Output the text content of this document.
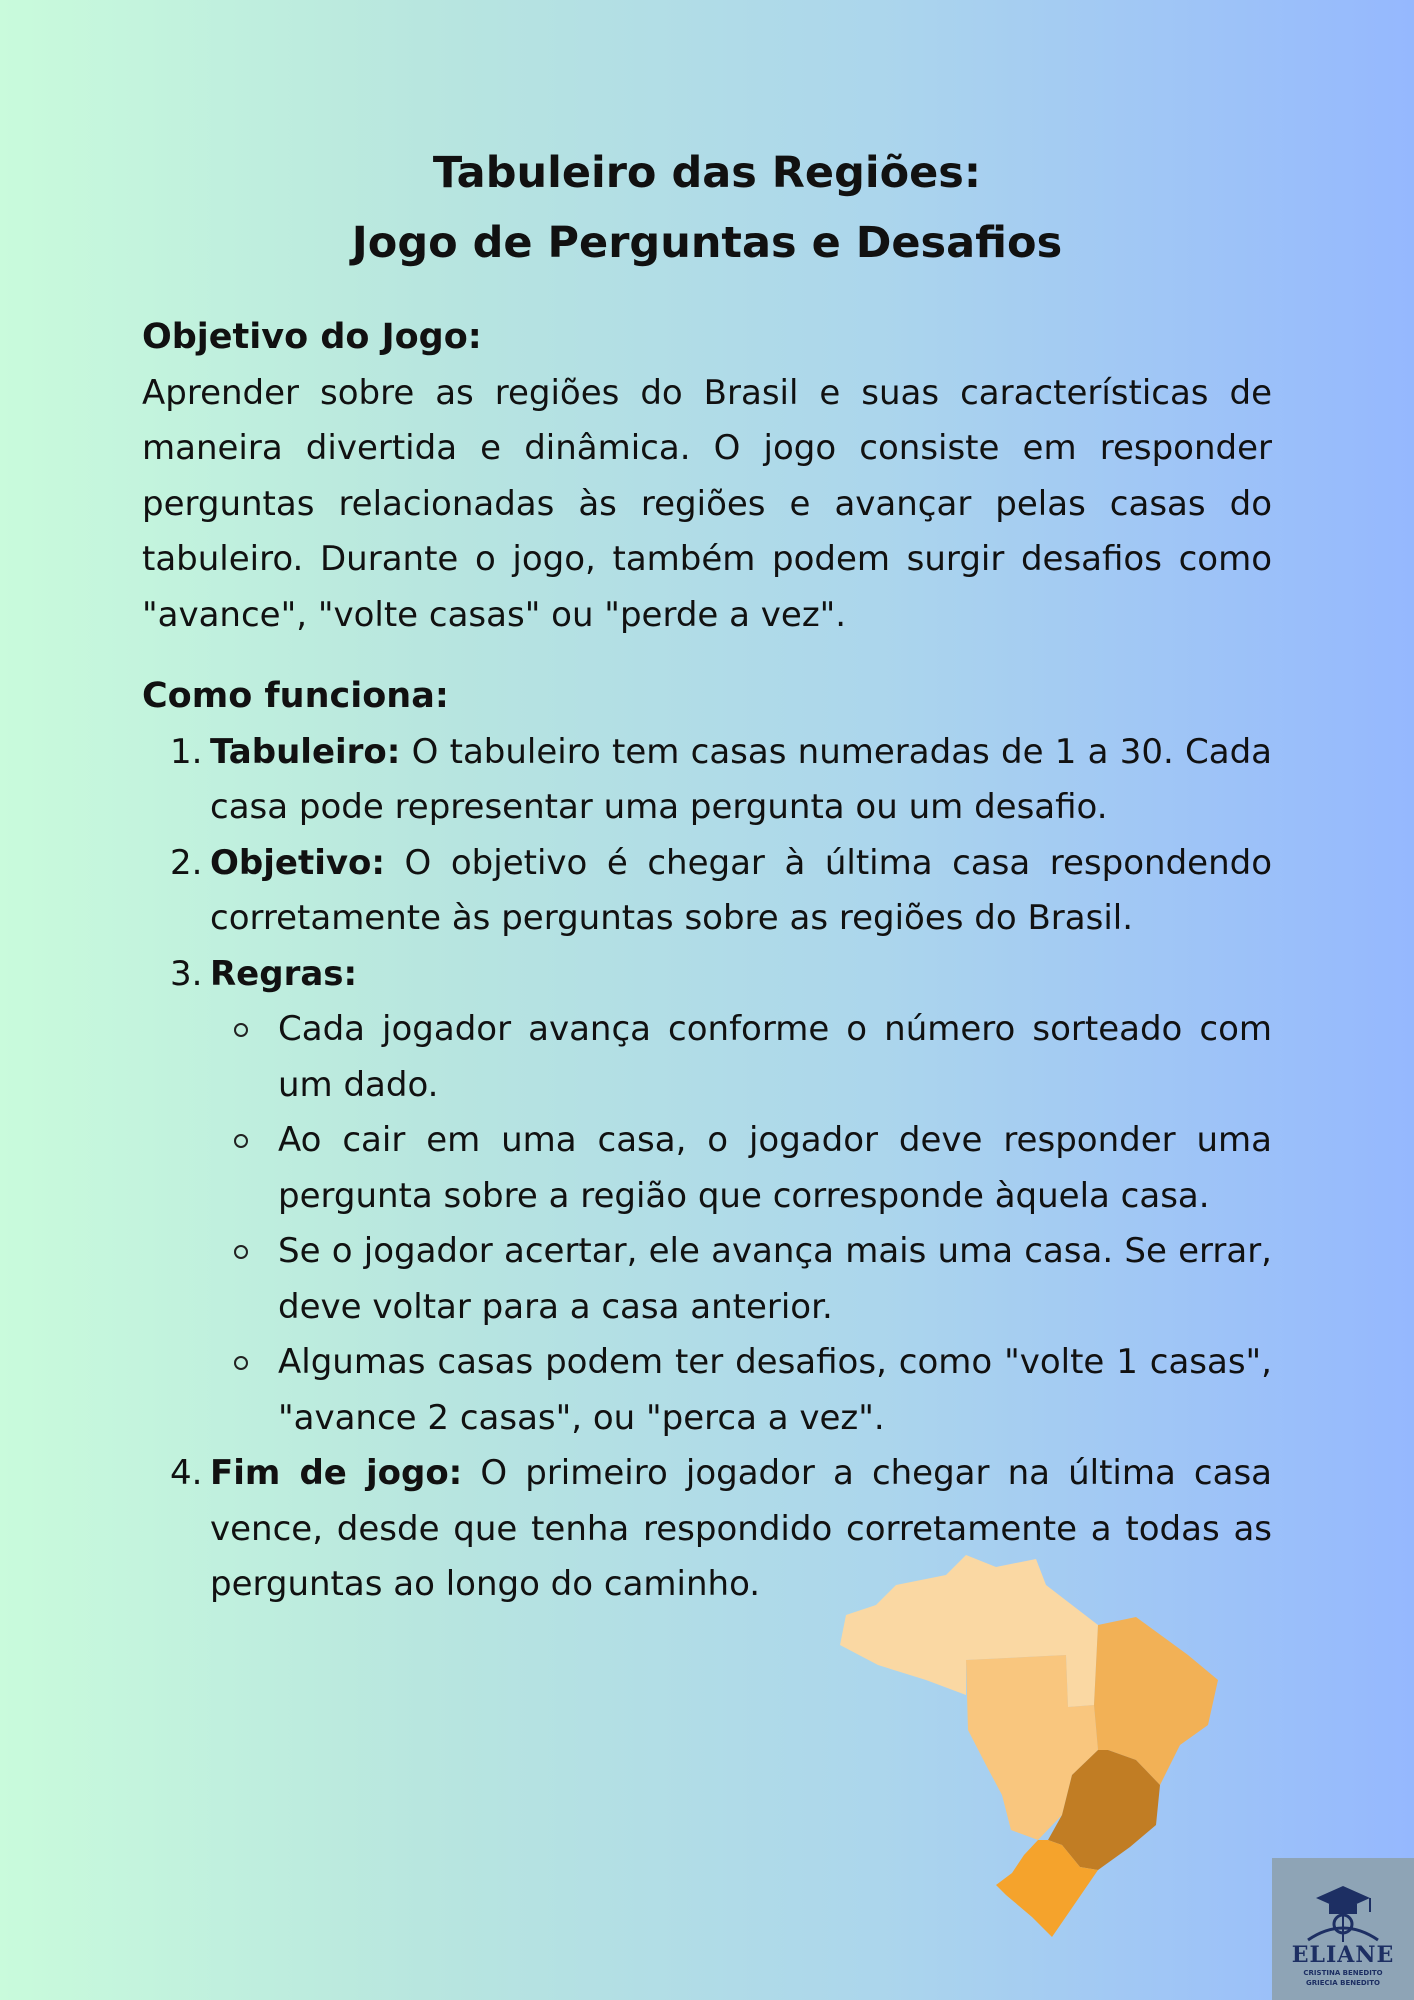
Tabuleiro das Regiões:
Jogo de Perguntas e Desafios
Objetivo do Jogo:
Aprender sobre as regiões do Brasil e suas características de maneira divertida e dinâmica. O jogo consiste em responder perguntas relacionadas às regiões e avançar pelas casas do tabuleiro. Durante o jogo, também podem surgir desafios como "avance", "volte casas" ou "perde a vez".
Como funciona:
1. Tabuleiro: O tabuleiro tem casas numeradas de 1 a 30. Cada casa pode representar uma pergunta ou um desafio.
2. Objetivo: O objetivo é chegar à última casa respondendo corretamente às perguntas sobre as regiões do Brasil.
3. Regras:
Cada jogador avança conforme o número sorteado com um dado.
Ao cair em uma casa, o jogador deve responder uma pergunta sobre a região que corresponde àquela casa.
Se o jogador acertar, ele avança mais uma casa. Se errar, deve voltar para a casa anterior.
Algumas casas podem ter desafios, como "volte 1 casas", "avance 2 casas", ou "perca a vez".
4. Fim de jogo: O primeiro jogador a chegar na última casa vence, desde que tenha respondido corretamente a todas as perguntas ao longo do caminho.
ELIANE
CRISTINA BENEDITO
GRIECIA BENEDITO
